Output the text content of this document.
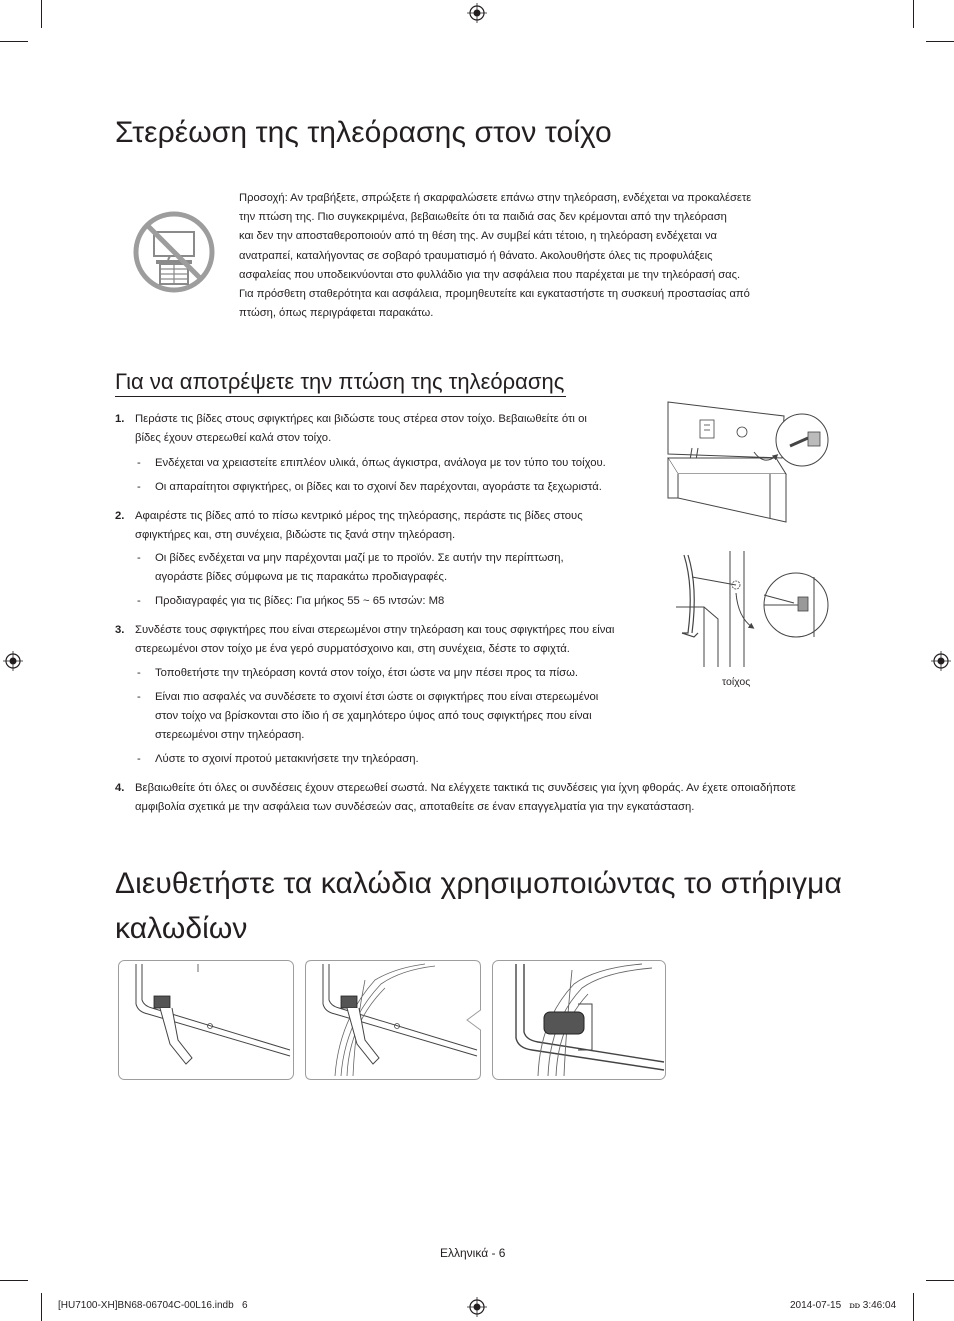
Στερέωση της τηλεόρασης στον τοίχο
Προσοχή: Αν τραβήξετε, σπρώξετε ή σκαρφαλώσετε επάνω στην τηλεόραση, ενδέχεται να προκαλέσετε
την πτώση της. Πιο συγκεκριμένα, βεβαιωθείτε ότι τα παιδιά σας δεν κρέμονται από την τηλεόραση
και δεν την αποσταθεροποιούν από τη θέση της. Αν συμβεί κάτι τέτοιο, η τηλεόραση ενδέχεται να
ανατραπεί, καταλήγοντας σε σοβαρό τραυματισμό ή θάνατο. Ακολουθήστε όλες τις προφυλάξεις
ασφαλείας που υποδεικνύονται στο φυλλάδιο για την ασφάλεια που παρέχεται με την τηλεόρασή σας.
Για πρόσθετη σταθερότητα και ασφάλεια, προμηθευτείτε και εγκαταστήστε τη συσκευή προστασίας από
πτώση, όπως περιγράφεται παρακάτω.
Για να αποτρέψετε την πτώση της τηλεόρασης
1. Περάστε τις βίδες στους σφιγκτήρες και βιδώστε τους στέρεα στον τοίχο. Βεβαιωθείτε ότι οι
βίδες έχουν στερεωθεί καλά στον τοίχο.
- Ενδέχεται να χρειαστείτε επιπλέον υλικά, όπως άγκιστρα, ανάλογα με τον τύπο του τοίχου.
- Οι απαραίτητοι σφιγκτήρες, οι βίδες και το σχοινί δεν παρέχονται, αγοράστε τα ξεχωριστά.
2. Αφαιρέστε τις βίδες από το πίσω κεντρικό μέρος της τηλεόρασης, περάστε τις βίδες στους
σφιγκτήρες και, στη συνέχεια, βιδώστε τις ξανά στην τηλεόραση.
- Οι βίδες ενδέχεται να μην παρέχονται μαζί με το προϊόν. Σε αυτήν την περίπτωση,
αγοράστε βίδες σύμφωνα με τις παρακάτω προδιαγραφές.
- Προδιαγραφές για τις βίδες: Για μήκος 55 ~ 65 ιντσών: M8
3. Συνδέστε τους σφιγκτήρες που είναι στερεωμένοι στην τηλεόραση και τους σφιγκτήρες που είναι
στερεωμένοι στον τοίχο με ένα γερό συρματόσχοινο και, στη συνέχεια, δέστε το σφιχτά.
- Τοποθετήστε την τηλεόραση κοντά στον τοίχο, έτσι ώστε να μην πέσει προς τα πίσω.
- Είναι πιο ασφαλές να συνδέσετε το σχοινί έτσι ώστε οι σφιγκτήρες που είναι στερεωμένοι
στον τοίχο να βρίσκονται στο ίδιο ή σε χαμηλότερο ύψος από τους σφιγκτήρες που είναι
στερεωμένοι στην τηλεόραση.
- Λύστε το σχοινί προτού μετακινήσετε την τηλεόραση.
4. Βεβαιωθείτε ότι όλες οι συνδέσεις έχουν στερεωθεί σωστά. Να ελέγχετε τακτικά τις συνδέσεις για ίχνη φθοράς. Αν έχετε οποιαδήποτε
αμφιβολία σχετικά με την ασφάλεια των συνδέσεών σας, αποταθείτε σε έναν επαγγελματία για την εγκατάσταση.
τοίχος
Διευθετήστε τα καλώδια χρησιμοποιώντας το στήριγμα
καλωδίων
Ελληνικά - 6
[HU7100-XH]BN68-06704C-00L16.indb   6	2014-07-15   ꭰꭰ 3:46:04
